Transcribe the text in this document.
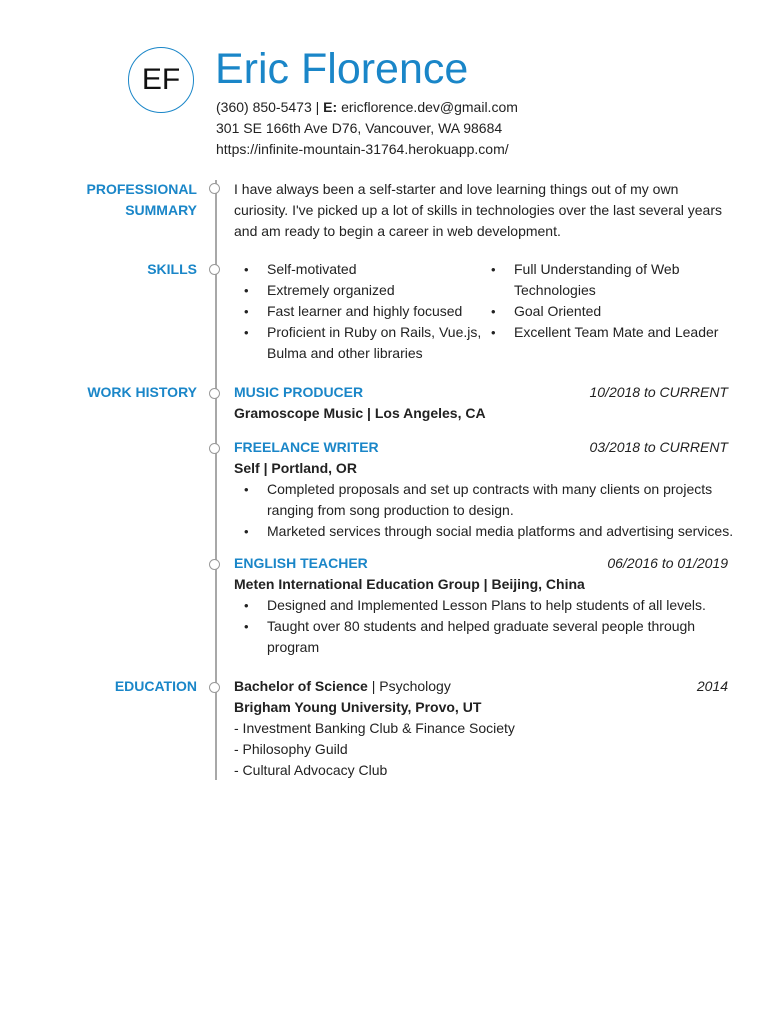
EF Eric Florence
(360) 850-5473 | E: ericflorence.dev@gmail.com
301 SE 166th Ave D76, Vancouver, WA 98684
https://infinite-mountain-31764.herokuapp.com/
PROFESSIONAL
SUMMARY
I have always been a self-starter and love learning things out of my own
curiosity. I've picked up a lot of skills in technologies over the last several years
and am ready to begin a career in web development.
SKILLS
•	Self-motivated
• Extremely organized
• Fast learner and highly focused
• Proficient in Ruby on Rails, Vue.js, Bulma and other libraries
• Full Understanding of Web Technologies
• Goal Oriented
• Excellent Team Mate and Leader
WORK HISTORY	MUSIC PRODUCER	10/2018 to CURRENT
Gramoscope Music | Los Angeles, CA
FREELANCE WRITER	03/2018 to CURRENT
Self | Portland, OR
• Completed proposals and set up contracts with many clients on projects ranging from song production to design.
• Marketed services through social media platforms and advertising services.
ENGLISH TEACHER	06/2016 to 01/2019
Meten International Education Group | Beijing, China
• Designed and Implemented Lesson Plans to help students of all levels.
• Taught over 80 students and helped graduate several people through program
EDUCATION	Bachelor of Science | Psychology	2014
Brigham Young University, Provo, UT
- Investment Banking Club & Finance Society
- Philosophy Guild
- Cultural Advocacy Club
